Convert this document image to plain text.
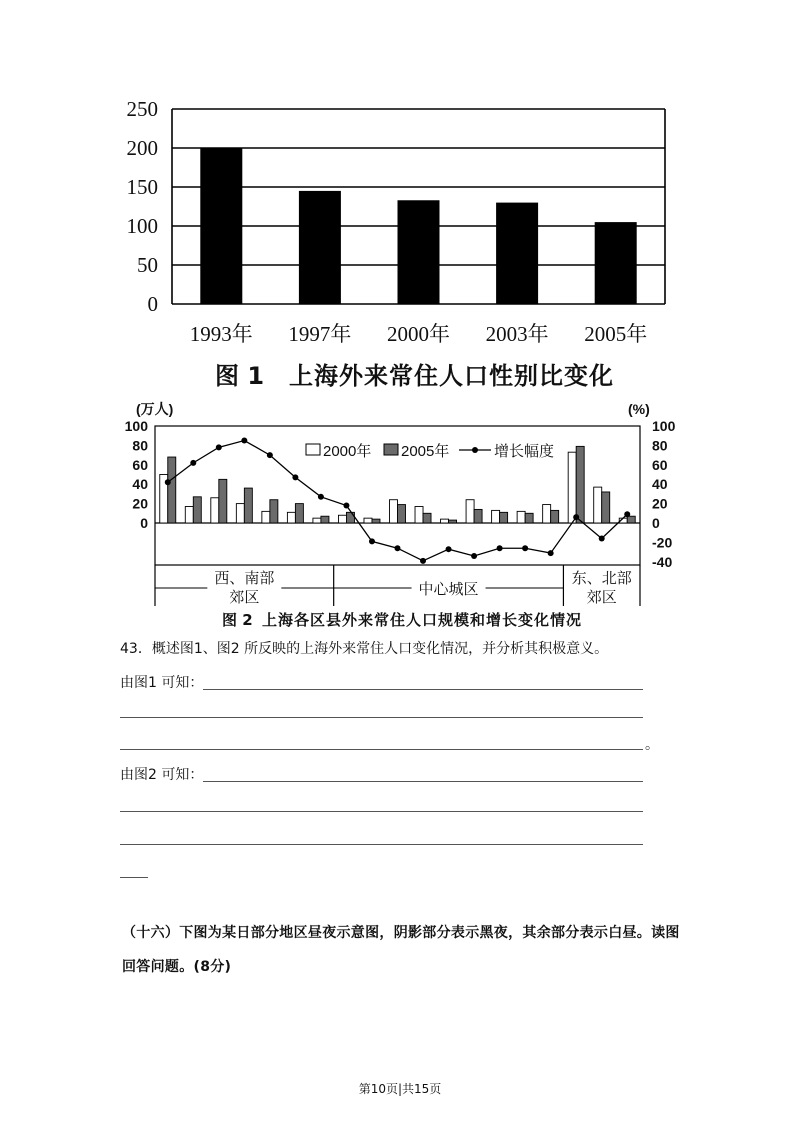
250
200
150
100
50
0
1993年 1997年 2000年 2003年 2005年
100
80
60
40
20
0
100
80
60
40
20
0
-20
-40
西、南部
郊区	中心城区
东、北部
郊区
(万人)	(%)
2000年 2005年	增长幅度
图 1 上海外来常住人口性别比变化
图 2 上海各区县外来常住人口规模和增长变化情况
43．概述图1、图2 所反映的上海外来常住人口变化情况，并分析其积极意义。
由图1 可知：
。
由图2 可知：
（十六）下图为某日部分地区昼夜示意图，阴影部分表示黑夜，其余部分表示白昼。读图
回答问题。(8分)
第10页|共15页
